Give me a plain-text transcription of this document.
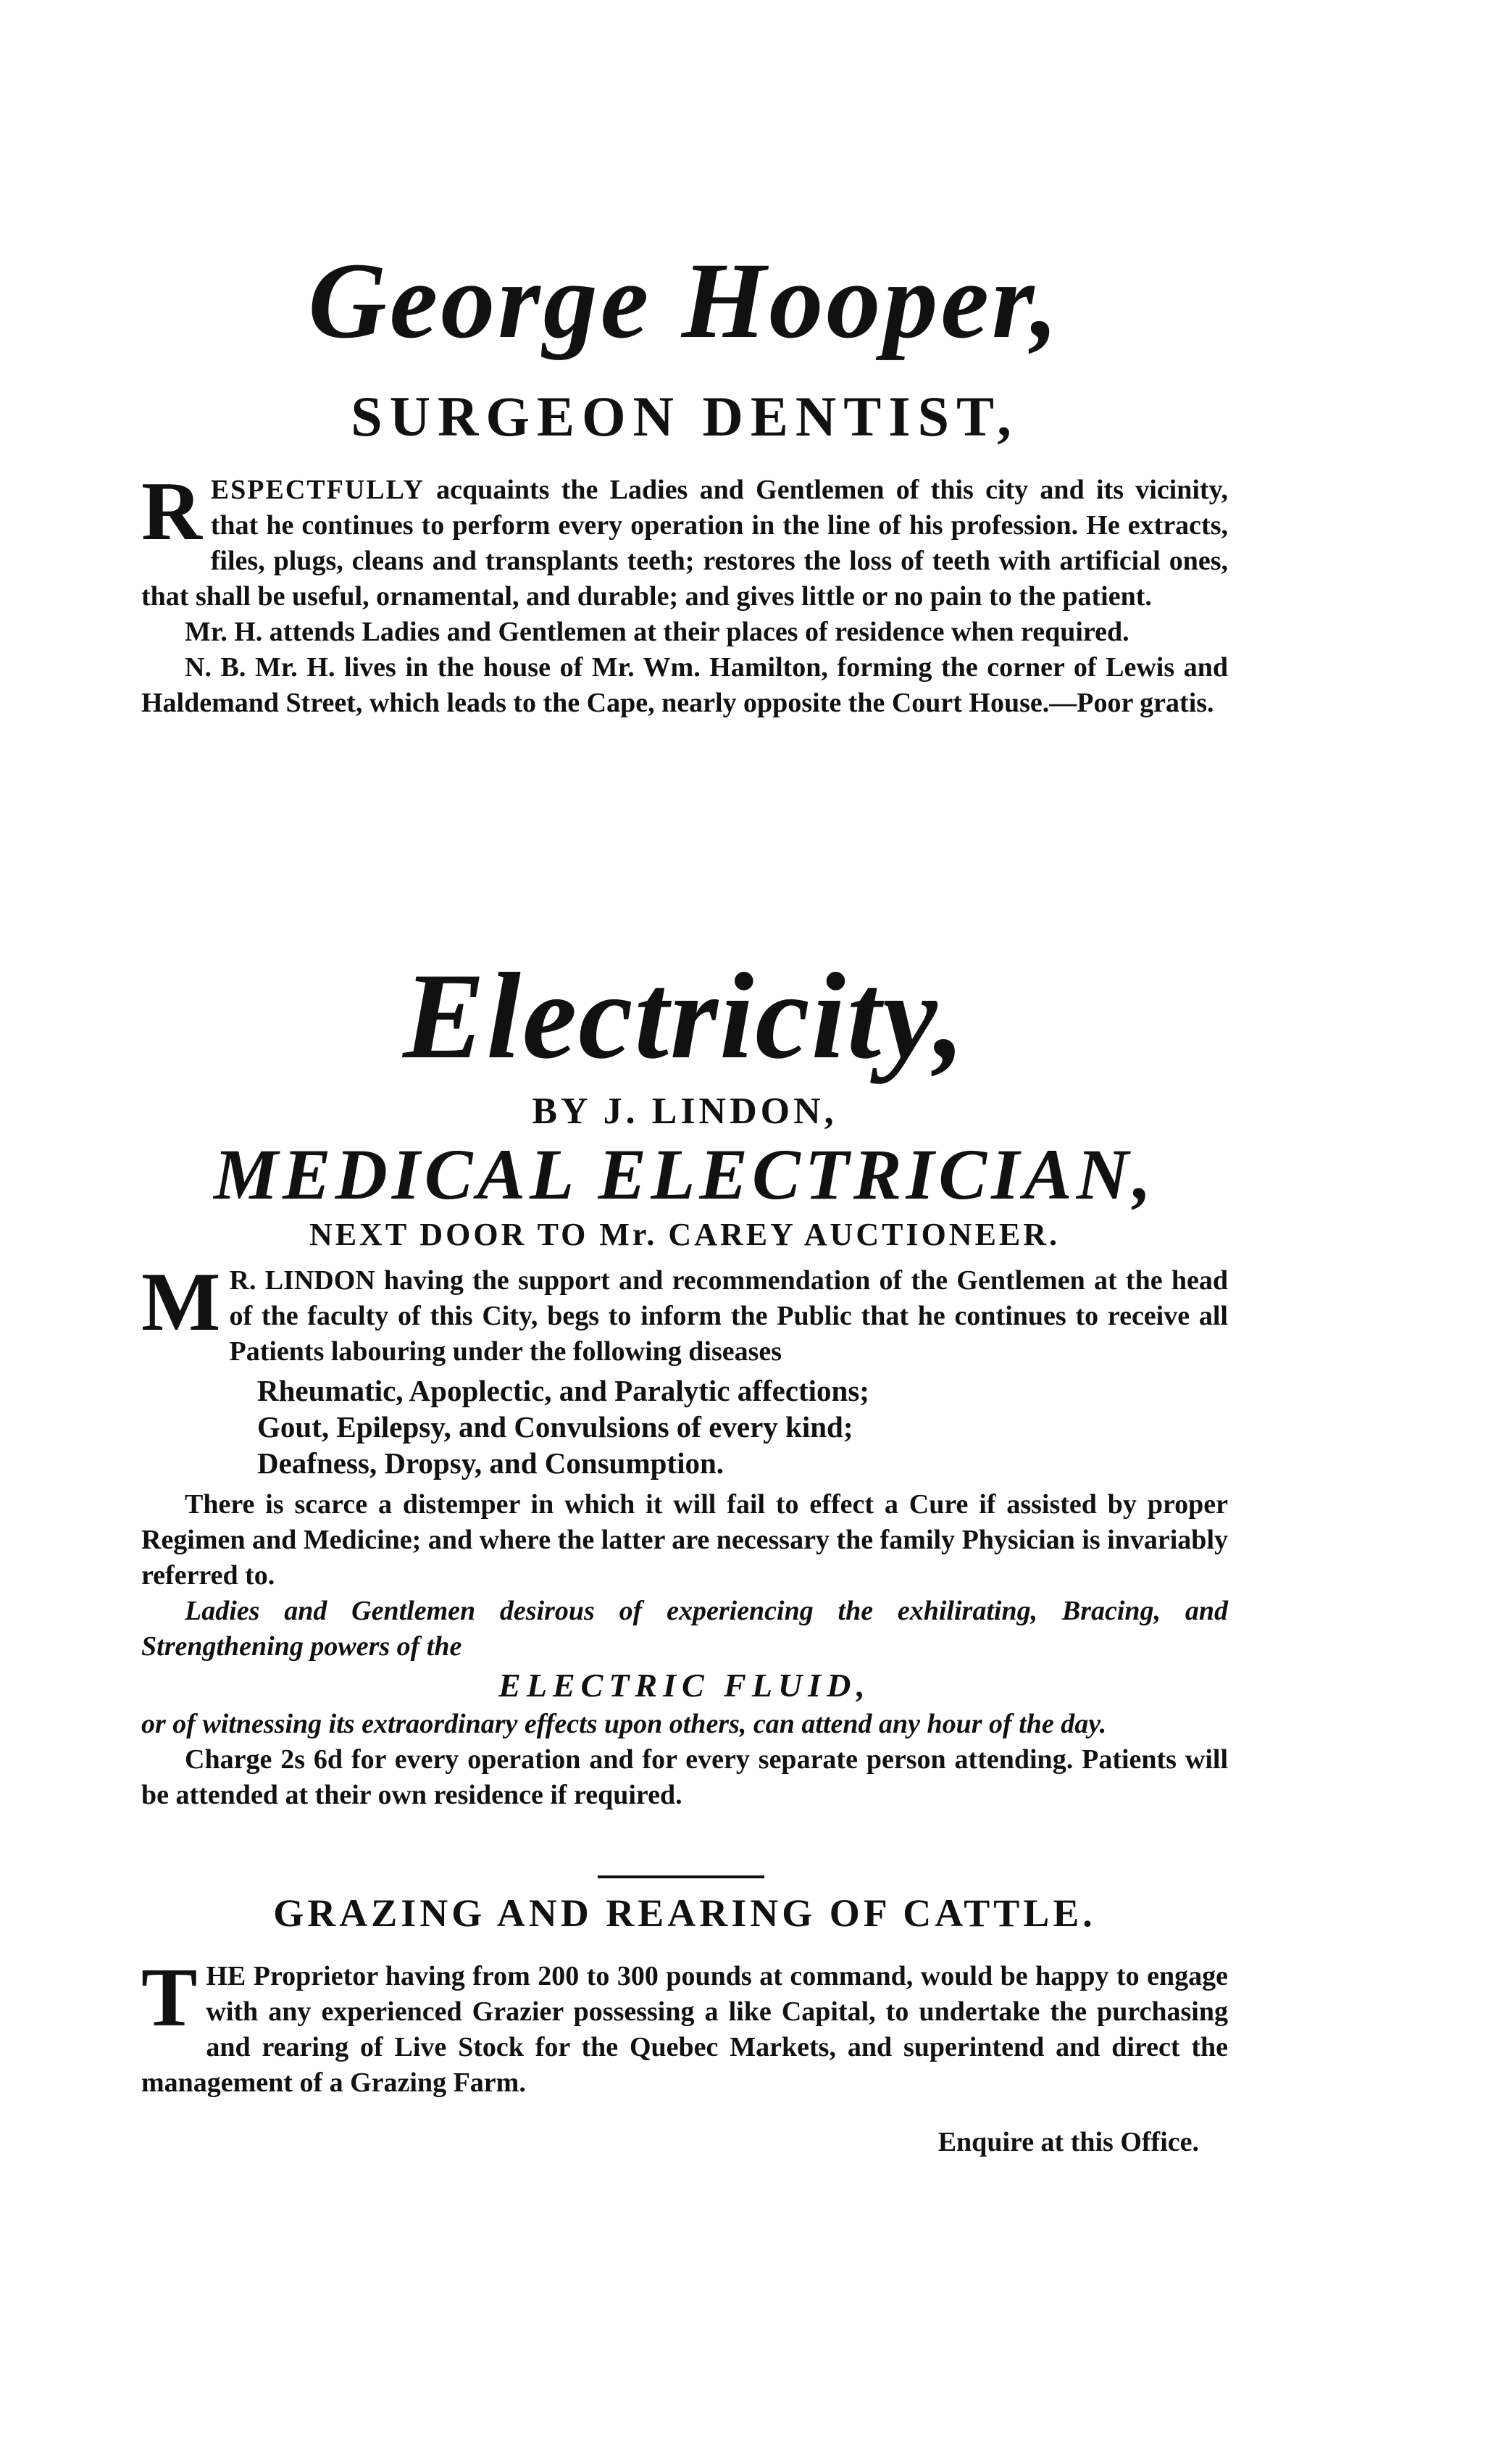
George Hooper,
SURGEON DENTIST,

RESPECTFULLY acquaints the Ladies and Gentlemen of this city and its vicinity, that he continues to perform every operation in the line of his profession. He extracts, files, plugs, cleans and transplants teeth; restores the loss of teeth with artificial ones, that shall be useful, ornamental, and durable; and gives little or no pain to the patient.

Mr. H. attends Ladies and Gentlemen at their places of residence when required.

N. B. Mr. H. lives in the house of Mr. Wm. Hamilton, forming the corner of Lewis and Haldemand Street, which leads to the Cape, nearly opposite the Court House.—Poor gratis.

Electricity,
BY J. LINDON,
MEDICAL ELECTRICIAN,
NEXT DOOR TO Mr. CAREY AUCTIONEER.

M R. LINDON having the support and recommendation of the Gentlemen at the head of the faculty of this City, begs to inform the Public that he continues to receive all Patients labouring under the following diseases

Rheumatic, Apoplectic, and Paralytic affections;
Gout, Epilepsy, and Convulsions of every kind;
Deafness, Dropsy, and Consumption.

There is scarce a distemper in which it will fail to effect a Cure if assisted by proper Regimen and Medicine; and where the latter are necessary the family Physician is invariably referred to.

Ladies and Gentlemen desirous of experiencing the exhilirating, Bracing, and Strengthening powers of the

ELECTRIC FLUID,

or of witnessing its extraordinary effects upon others, can attend any hour of the day.

Charge 2s 6d for every operation and for every separate person attending. Patients will be attended at their own residence if required.

GRAZING AND REARING OF CATTLE.

THE Proprietor having from 200 to 300 pounds at command, would be happy to engage with any experienced Grazier possessing a like Capital, to undertake the purchasing and rearing of Live Stock for the Quebec Markets, and superintend and direct the management of a Grazing Farm.

Enquire at this Office.
